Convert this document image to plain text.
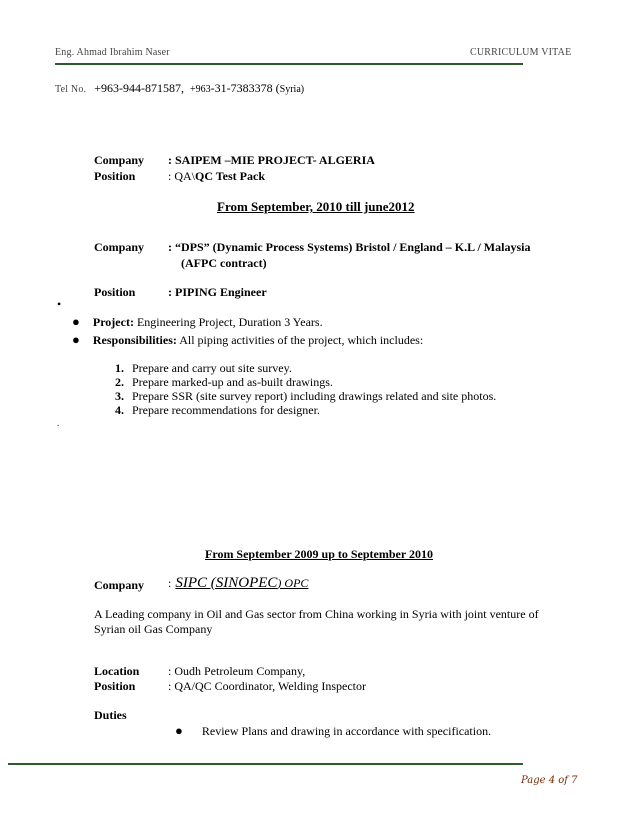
Eng. Ahmad Ibrahim Naser	CURRICULUM VITAE
Tel No. +963-944-871587, +963-31-7383378 (Syria)
Company : SAIPEM –MIE PROJECT- ALGERIA
Position	: QA\QC Test Pack
From September, 2010 till june2012
Company : “DPS” (Dynamic Process Systems) Bristol / England – K.L / Malaysia
(AFPC contract)
Position	: PIPING Engineer
•
● Project: Engineering Project, Duration 3 Years.
● Responsibilities: All piping activities of the project, which includes:
1. Prepare and carry out site survey.
2. Prepare marked-up and as-built drawings.
3. Prepare SSR (site survey report) including drawings related and site photos.
4. Prepare recommendations for designer.
.
From September 2009 up to September 2010
Company : SIPC (SINOPEC) OPC
A Leading company in Oil and Gas sector from China working in Syria with joint venture of
Syrian oil Gas Company
Location : Oudh Petroleum Company,
Position	: QA/QC Coordinator, Welding Inspector
Duties
● Review Plans and drawing in accordance with specification.
Page 4 of 7
